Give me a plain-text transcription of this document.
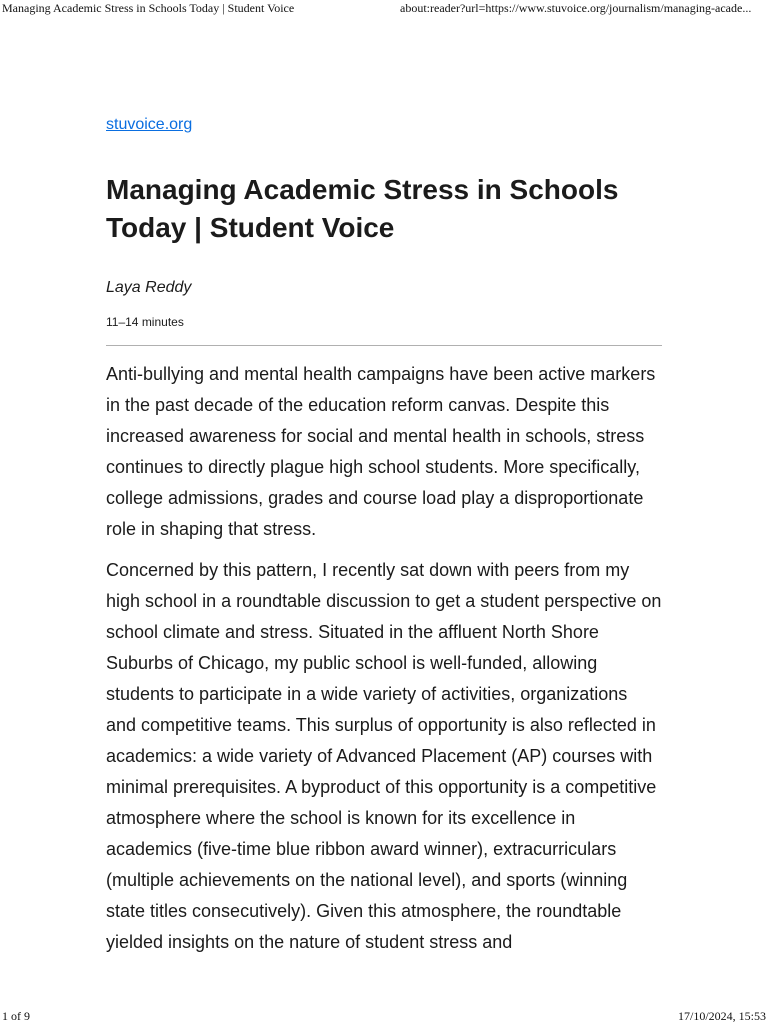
Managing Academic Stress in Schools Today | Student Voice	about:reader?url=https://www.stuvoice.org/journalism/managing-acade...
stuvoice.org
Managing Academic Stress in Schools Today | Student Voice
Laya Reddy
11–14 minutes

Anti-bullying and mental health campaigns have been active markers in the past decade of the education reform canvas. Despite this increased awareness for social and mental health in schools, stress continues to directly plague high school students. More specifically, college admissions, grades and course load play a disproportionate role in shaping that stress.

Concerned by this pattern, I recently sat down with peers from my high school in a roundtable discussion to get a student perspective on school climate and stress. Situated in the affluent North Shore Suburbs of Chicago, my public school is well-funded, allowing students to participate in a wide variety of activities, organizations and competitive teams. This surplus of opportunity is also reflected in academics: a wide variety of Advanced Placement (AP) courses with minimal prerequisites. A byproduct of this opportunity is a competitive atmosphere where the school is known for its excellence in academics (five-time blue ribbon award winner), extracurriculars (multiple achievements on the national level), and sports (winning state titles consecutively). Given this atmosphere, the roundtable yielded insights on the nature of student stress and

1 of 9	17/10/2024, 15:53
